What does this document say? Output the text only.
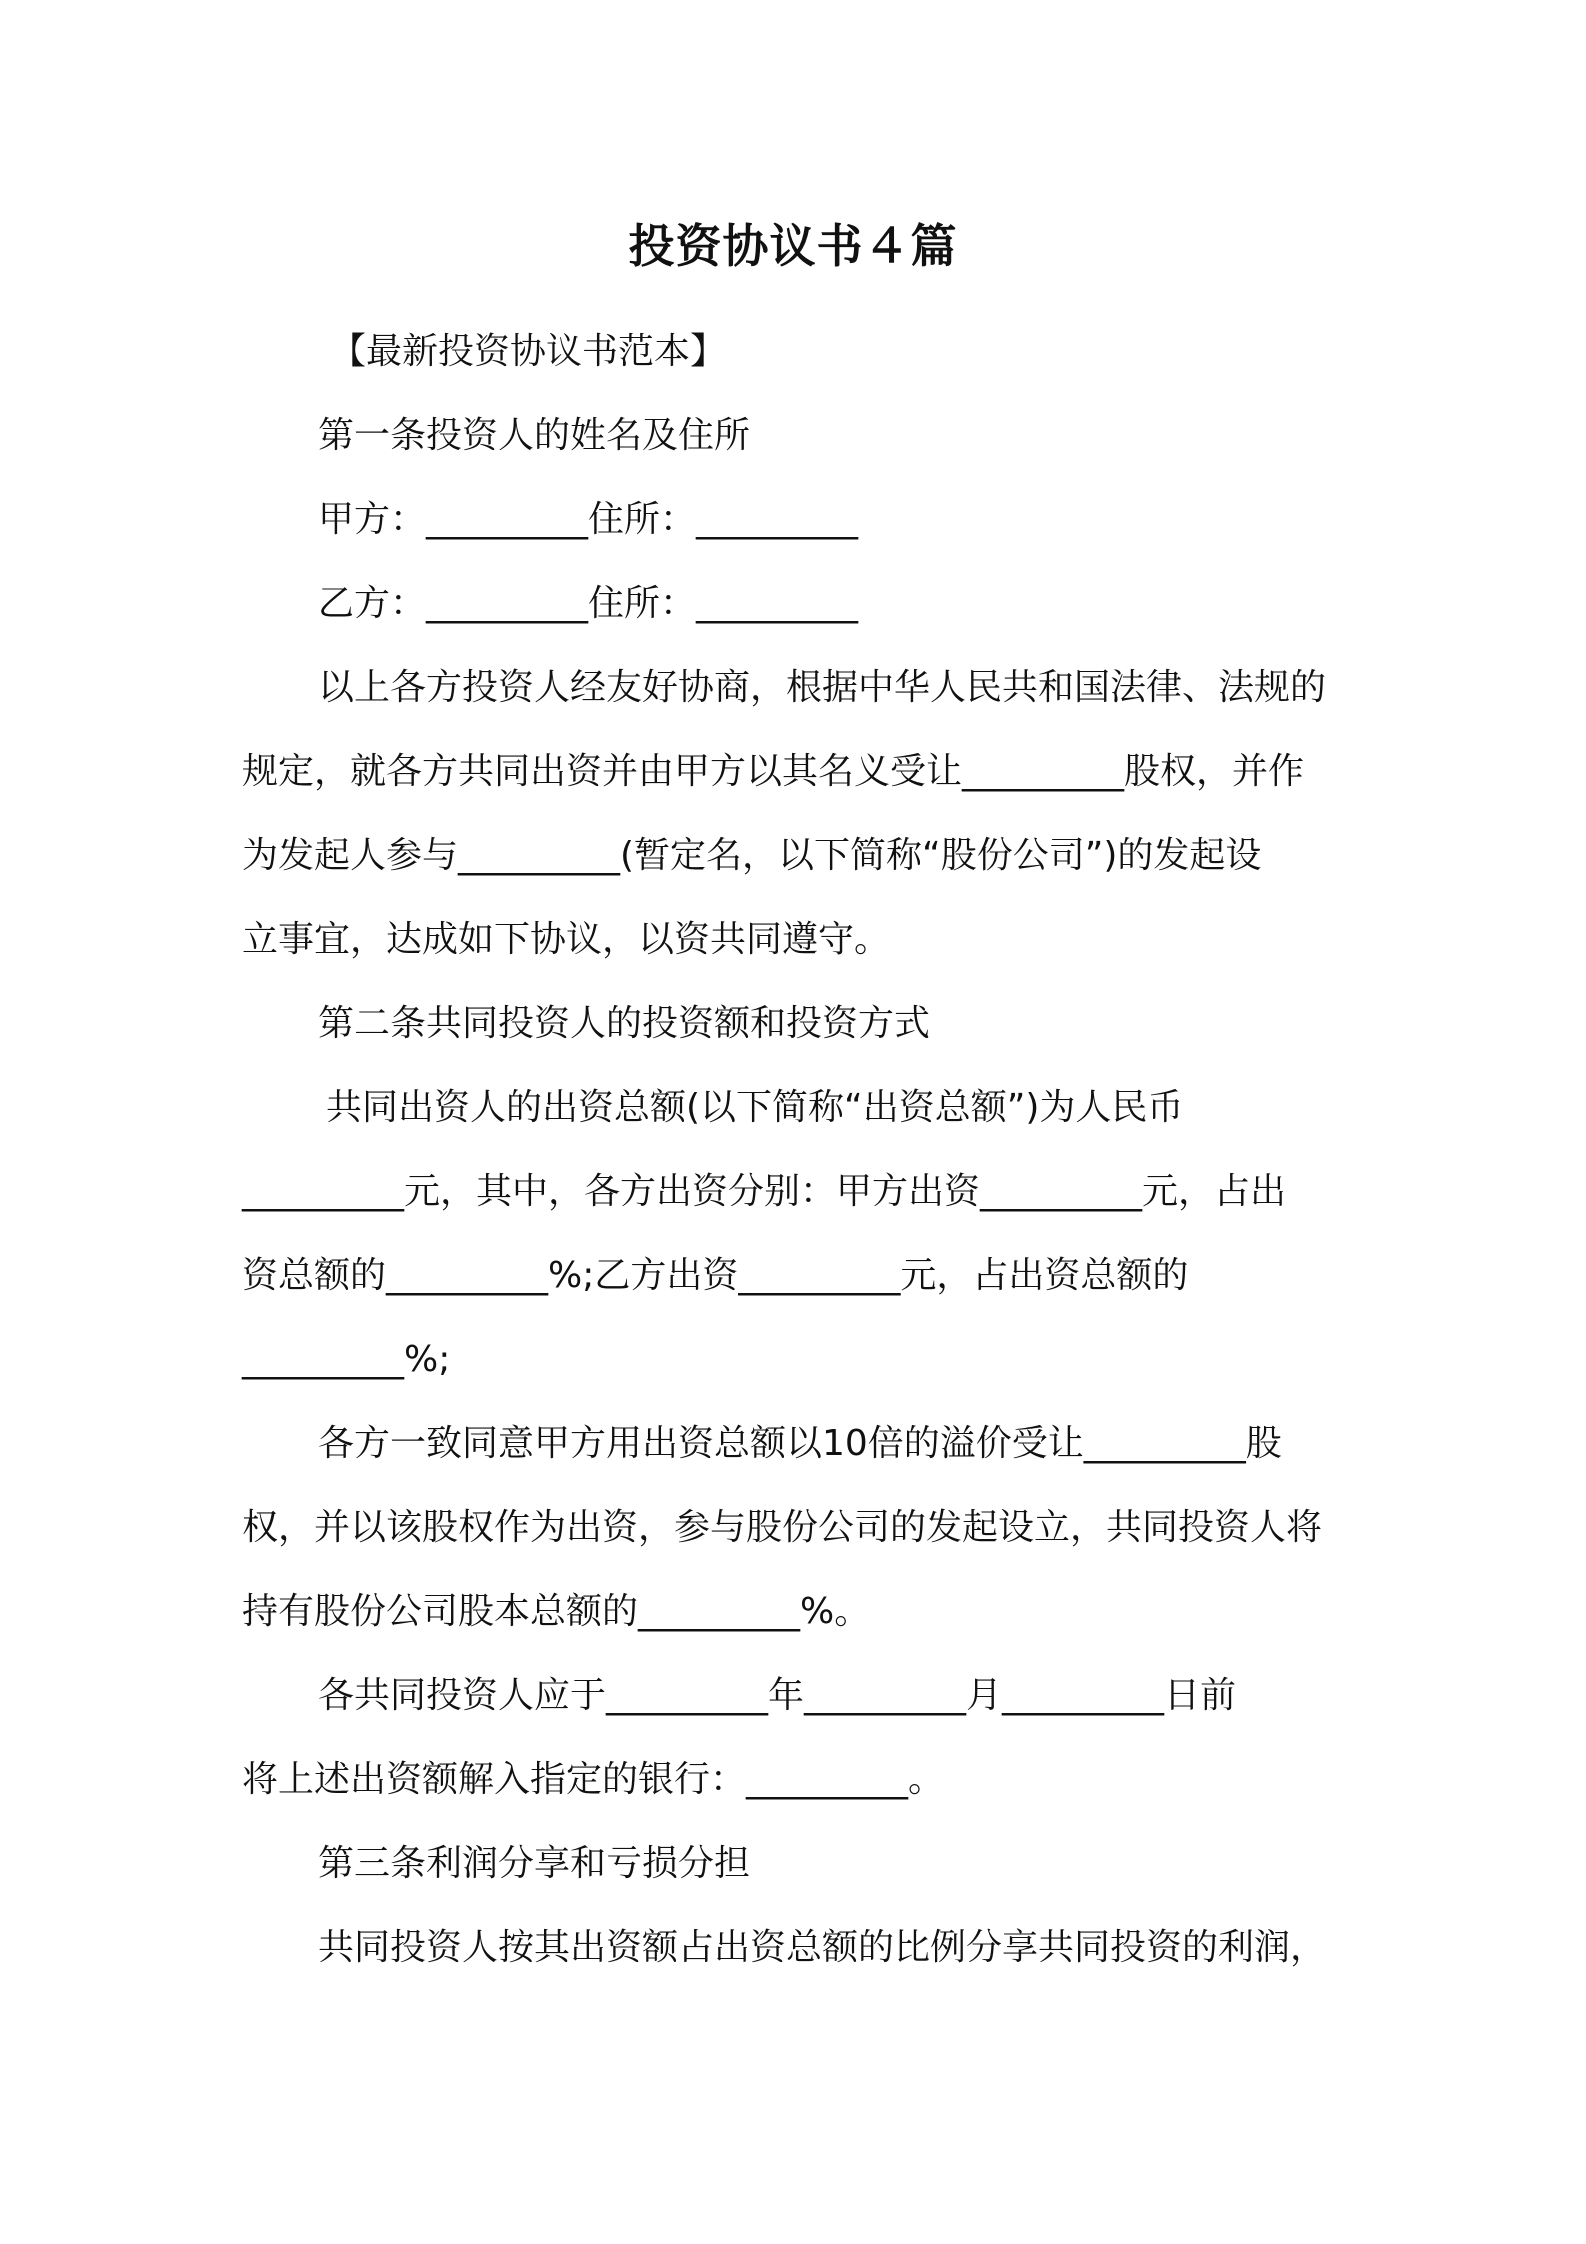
投资协议书４篇
【最新投资协议书范本】
第一条投资人的姓名及住所
甲方：_________住所：_________
乙方：_________住所：_________
以上各方投资人经友好协商，根据中华人民共和国法律、法规的
规定，就各方共同出资并由甲方以其名义受让_________股权，并作
为发起人参与_________(暂定名，以下简称“股份公司”)的发起设
立事宜，达成如下协议，以资共同遵守。
第二条共同投资人的投资额和投资方式
共同出资人的出资总额(以下简称“出资总额”)为人民币
_________元，其中，各方出资分别：甲方出资_________元，占出
资总额的_________%;乙方出资_________元，占出资总额的
_________%;
各方一致同意甲方用出资总额以10倍的溢价受让_________股
权，并以该股权作为出资，参与股份公司的发起设立，共同投资人将
持有股份公司股本总额的_________%。
各共同投资人应于_________年_________月_________日前
将上述出资额解入指定的银行：_________。
第三条利润分享和亏损分担
共同投资人按其出资额占出资总额的比例分享共同投资的利润，
